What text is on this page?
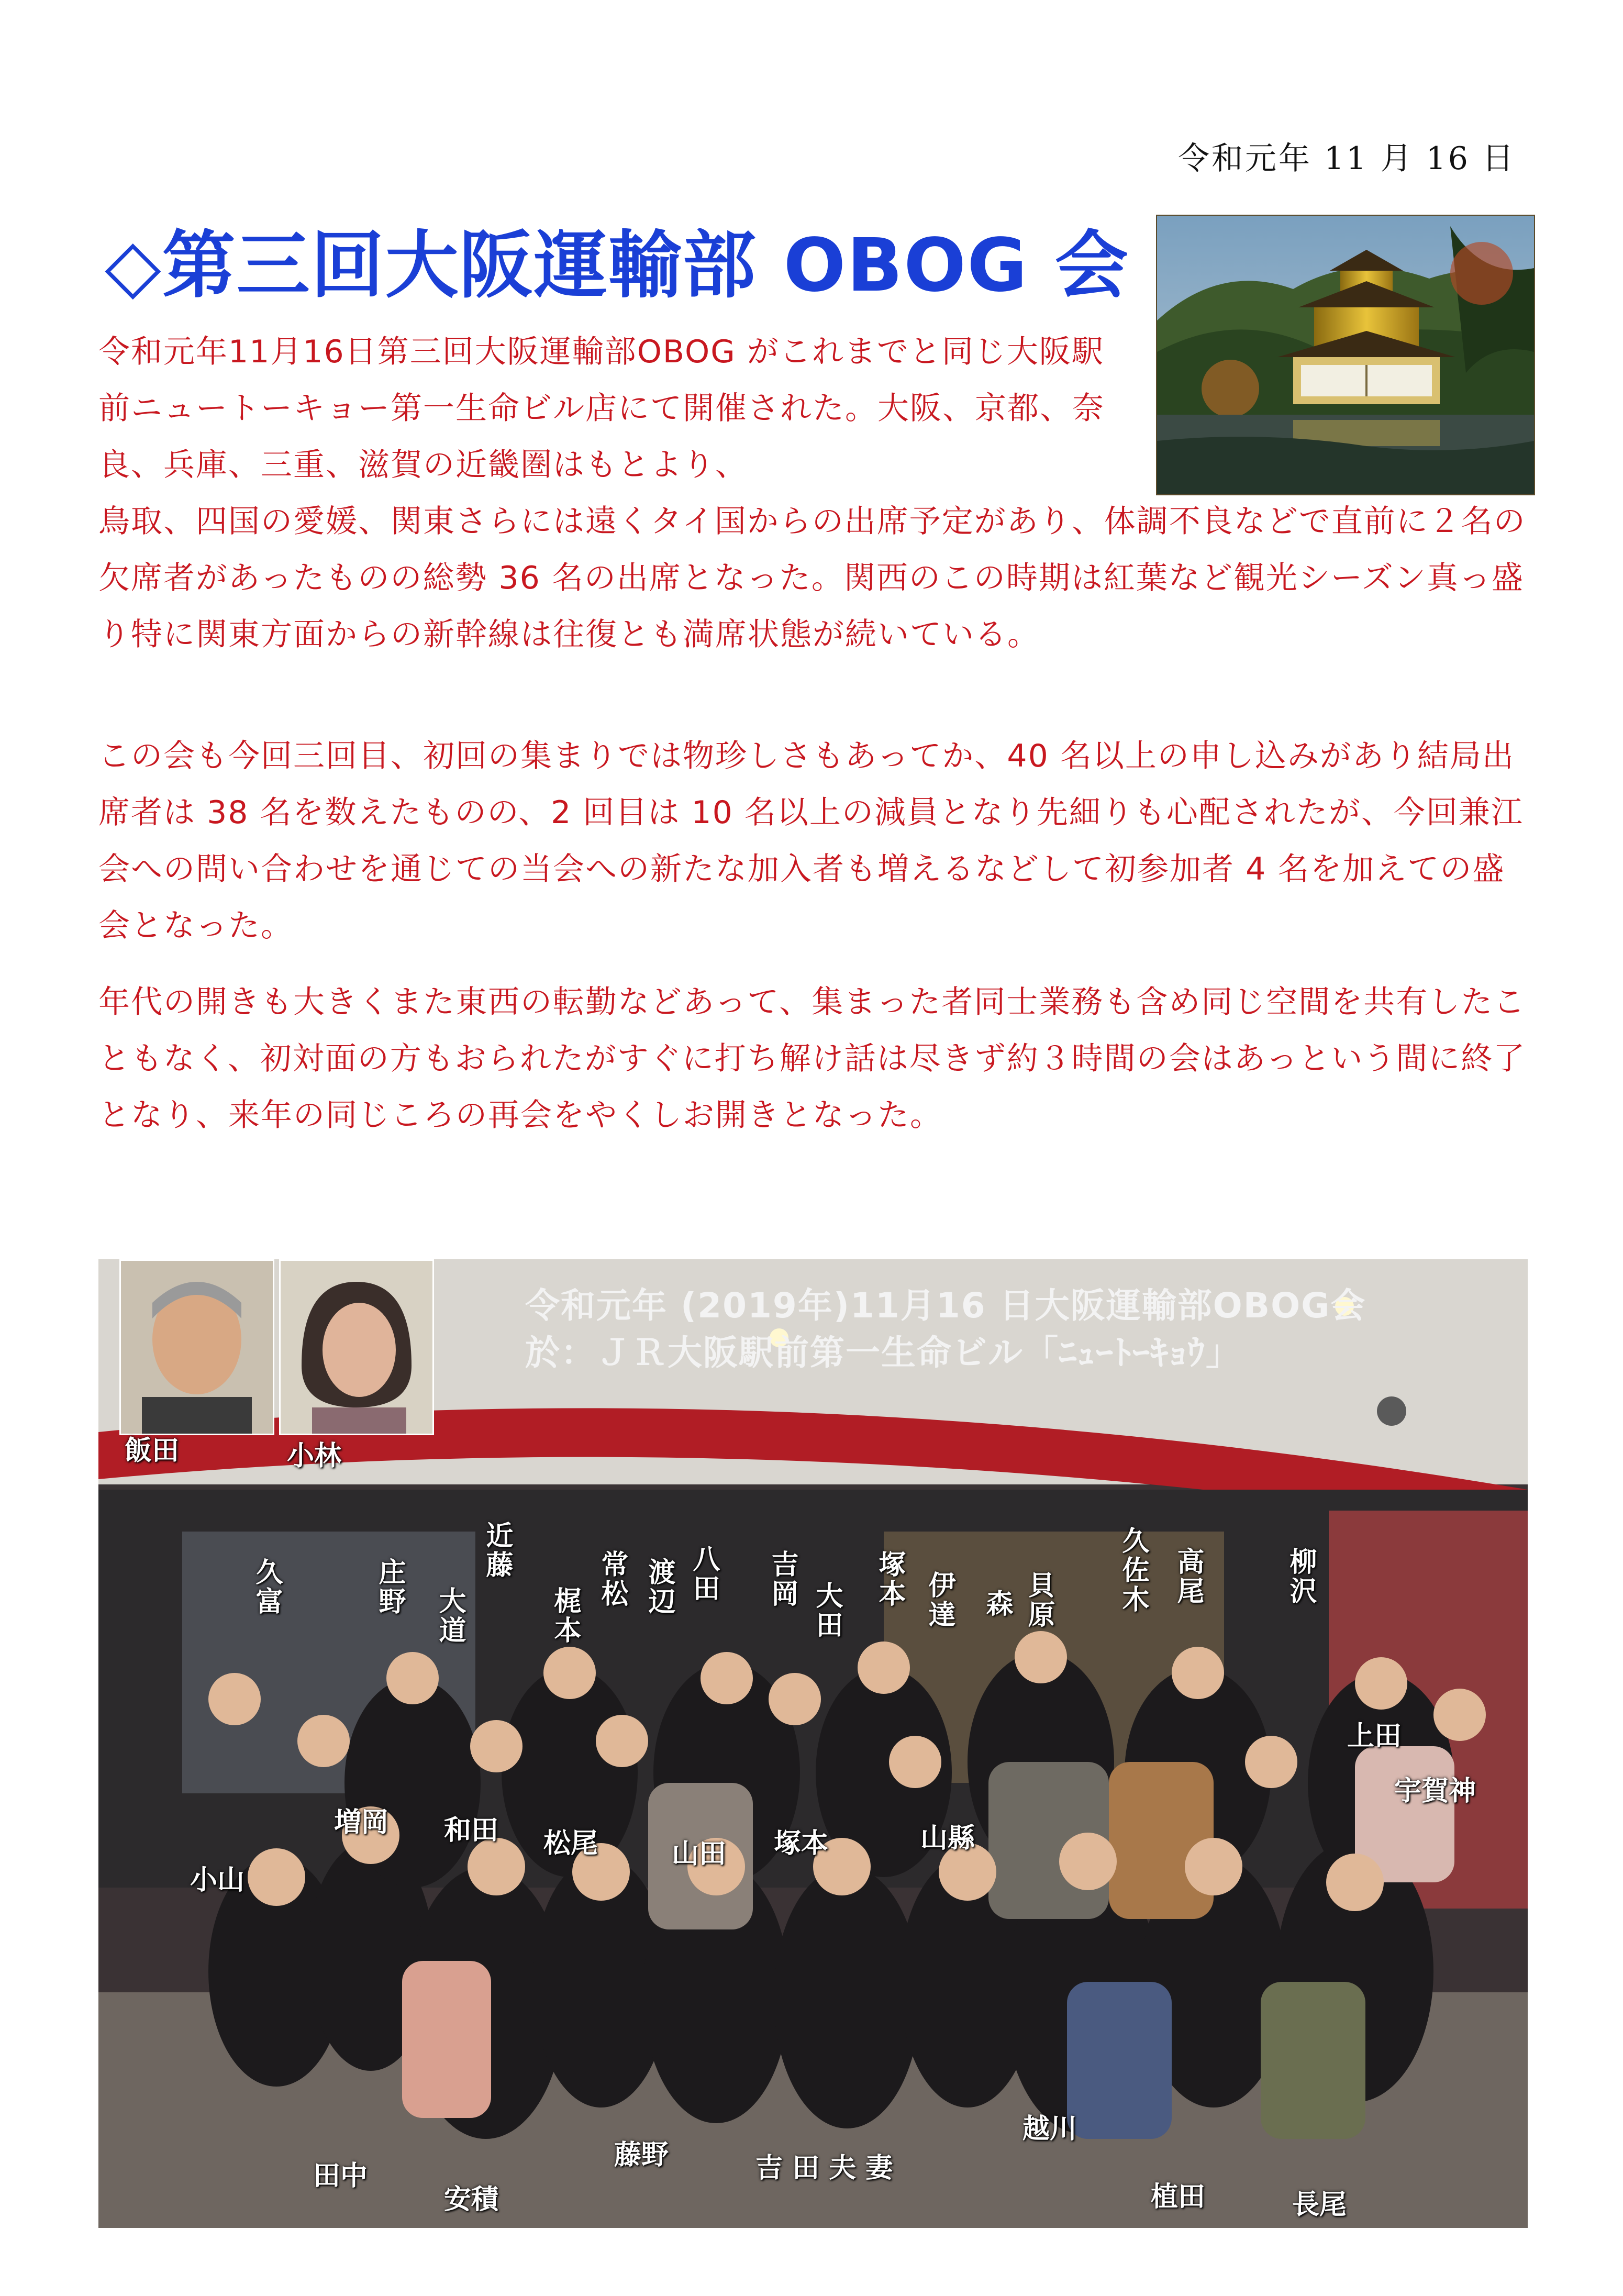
令和元年 11 月 16 日
◇第三回大阪運輸部 OBOG 会
令和元年11月16日第三回大阪運輸部OBOG がこれまでと同じ大阪駅前ニュートーキョー第一生命ビル店にて開催された。大阪、京都、奈良、兵庫、三重、滋賀の近畿圏はもとより、
鳥取、四国の愛媛、関東さらには遠くタイ国からの出席予定があり、体調不良などで直前に２名の欠席者があったものの総勢 36 名の出席となった。関西のこの時期は紅葉など観光シーズン真っ盛り特に関東方面からの新幹線は往復とも満席状態が続いている。
この会も今回三回目、初回の集まりでは物珍しさもあってか、40 名以上の申し込みがあり結局出席者は 38 名を数えたものの、2 回目は 10 名以上の減員となり先細りも心配されたが、今回兼江会への問い合わせを通じての当会への新たな加入者も増えるなどして初参加者 4 名を加えての盛会となった。
年代の開きも大きくまた東西の転勤などあって、集まった者同士業務も含め同じ空間を共有したこともなく、初対面の方もおられたがすぐに打ち解け話は尽きず約３時間の会はあっという間に終了となり、来年の同じころの再会をやくしお開きとなった。
令和元年 (2019年)11月16 日大阪運輸部OBOG会
於：ＪＲ大阪駅前第一生命ビル「ﾆｭｰﾄｰｷｮｳ」
飯田	小林
久富	庄野 大道
近藤
梶本
常松 渡辺 八田 吉岡
大田
塚本 伊達 森 貝原 久佐木 高尾	柳沢
上田
宇賀神
増岡 和田 松尾	山田 塚本	山縣
小山
田中
安積
藤野	吉 田 夫 妻
越川
植田	長尾
